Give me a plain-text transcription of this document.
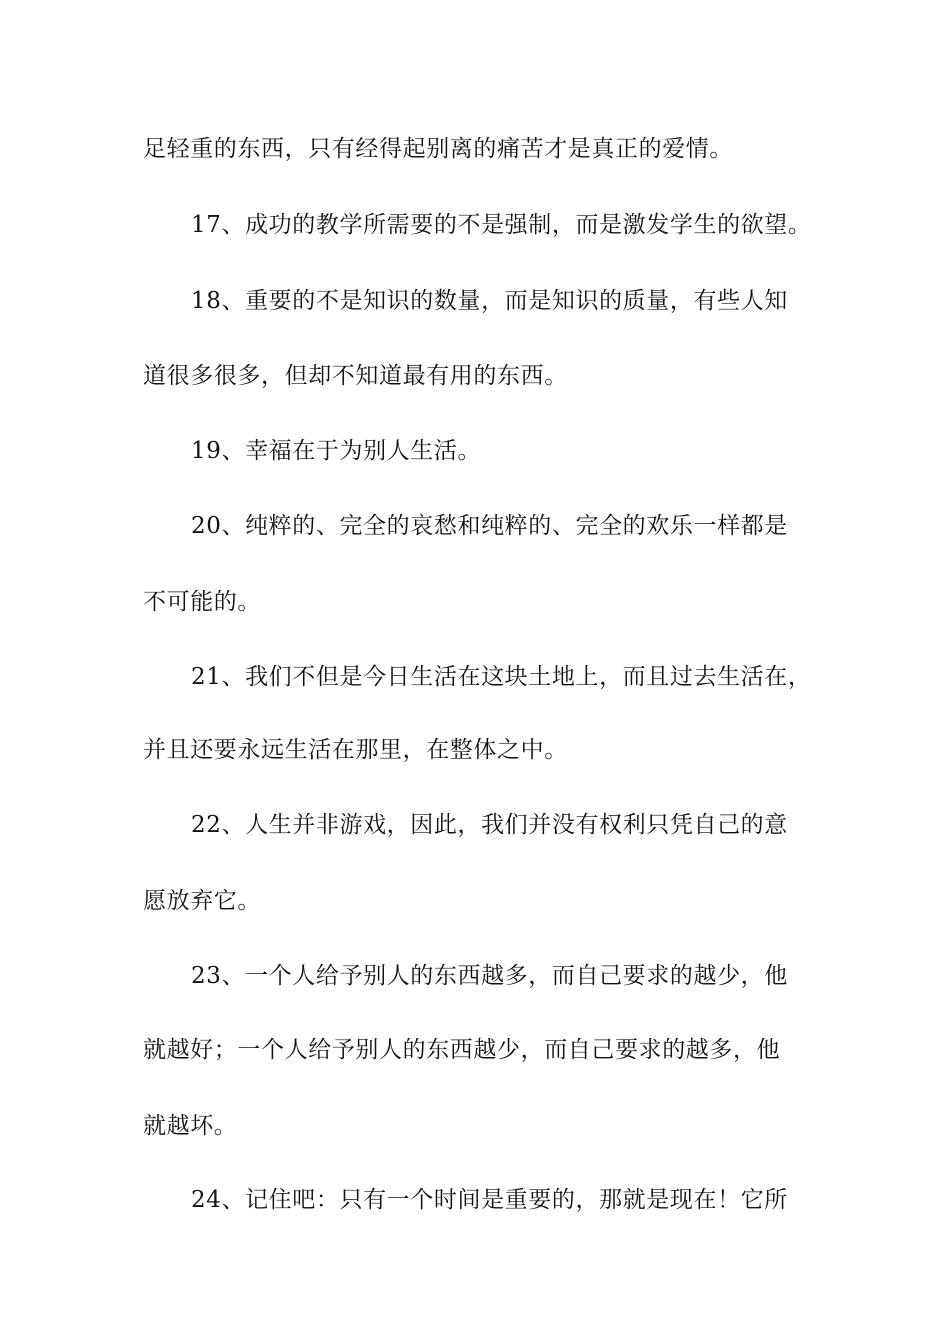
足轻重的东西，只有经得起别离的痛苦才是真正的爱情。
17、成功的教学所需要的不是强制，而是激发学生的欲望。
18、重要的不是知识的数量，而是知识的质量，有些人知
道很多很多，但却不知道最有用的东西。
19、幸福在于为别人生活。
20、纯粹的、完全的哀愁和纯粹的、完全的欢乐一样都是
不可能的。
21、我们不但是今日生活在这块土地上，而且过去生活在，
并且还要永远生活在那里，在整体之中。
22、人生并非游戏，因此，我们并没有权利只凭自己的意
愿放弃它。
23、一个人给予别人的东西越多，而自己要求的越少，他
就越好；一个人给予别人的东西越少，而自己要求的越多，他
就越坏。
24、记住吧：只有一个时间是重要的，那就是现在！它所
